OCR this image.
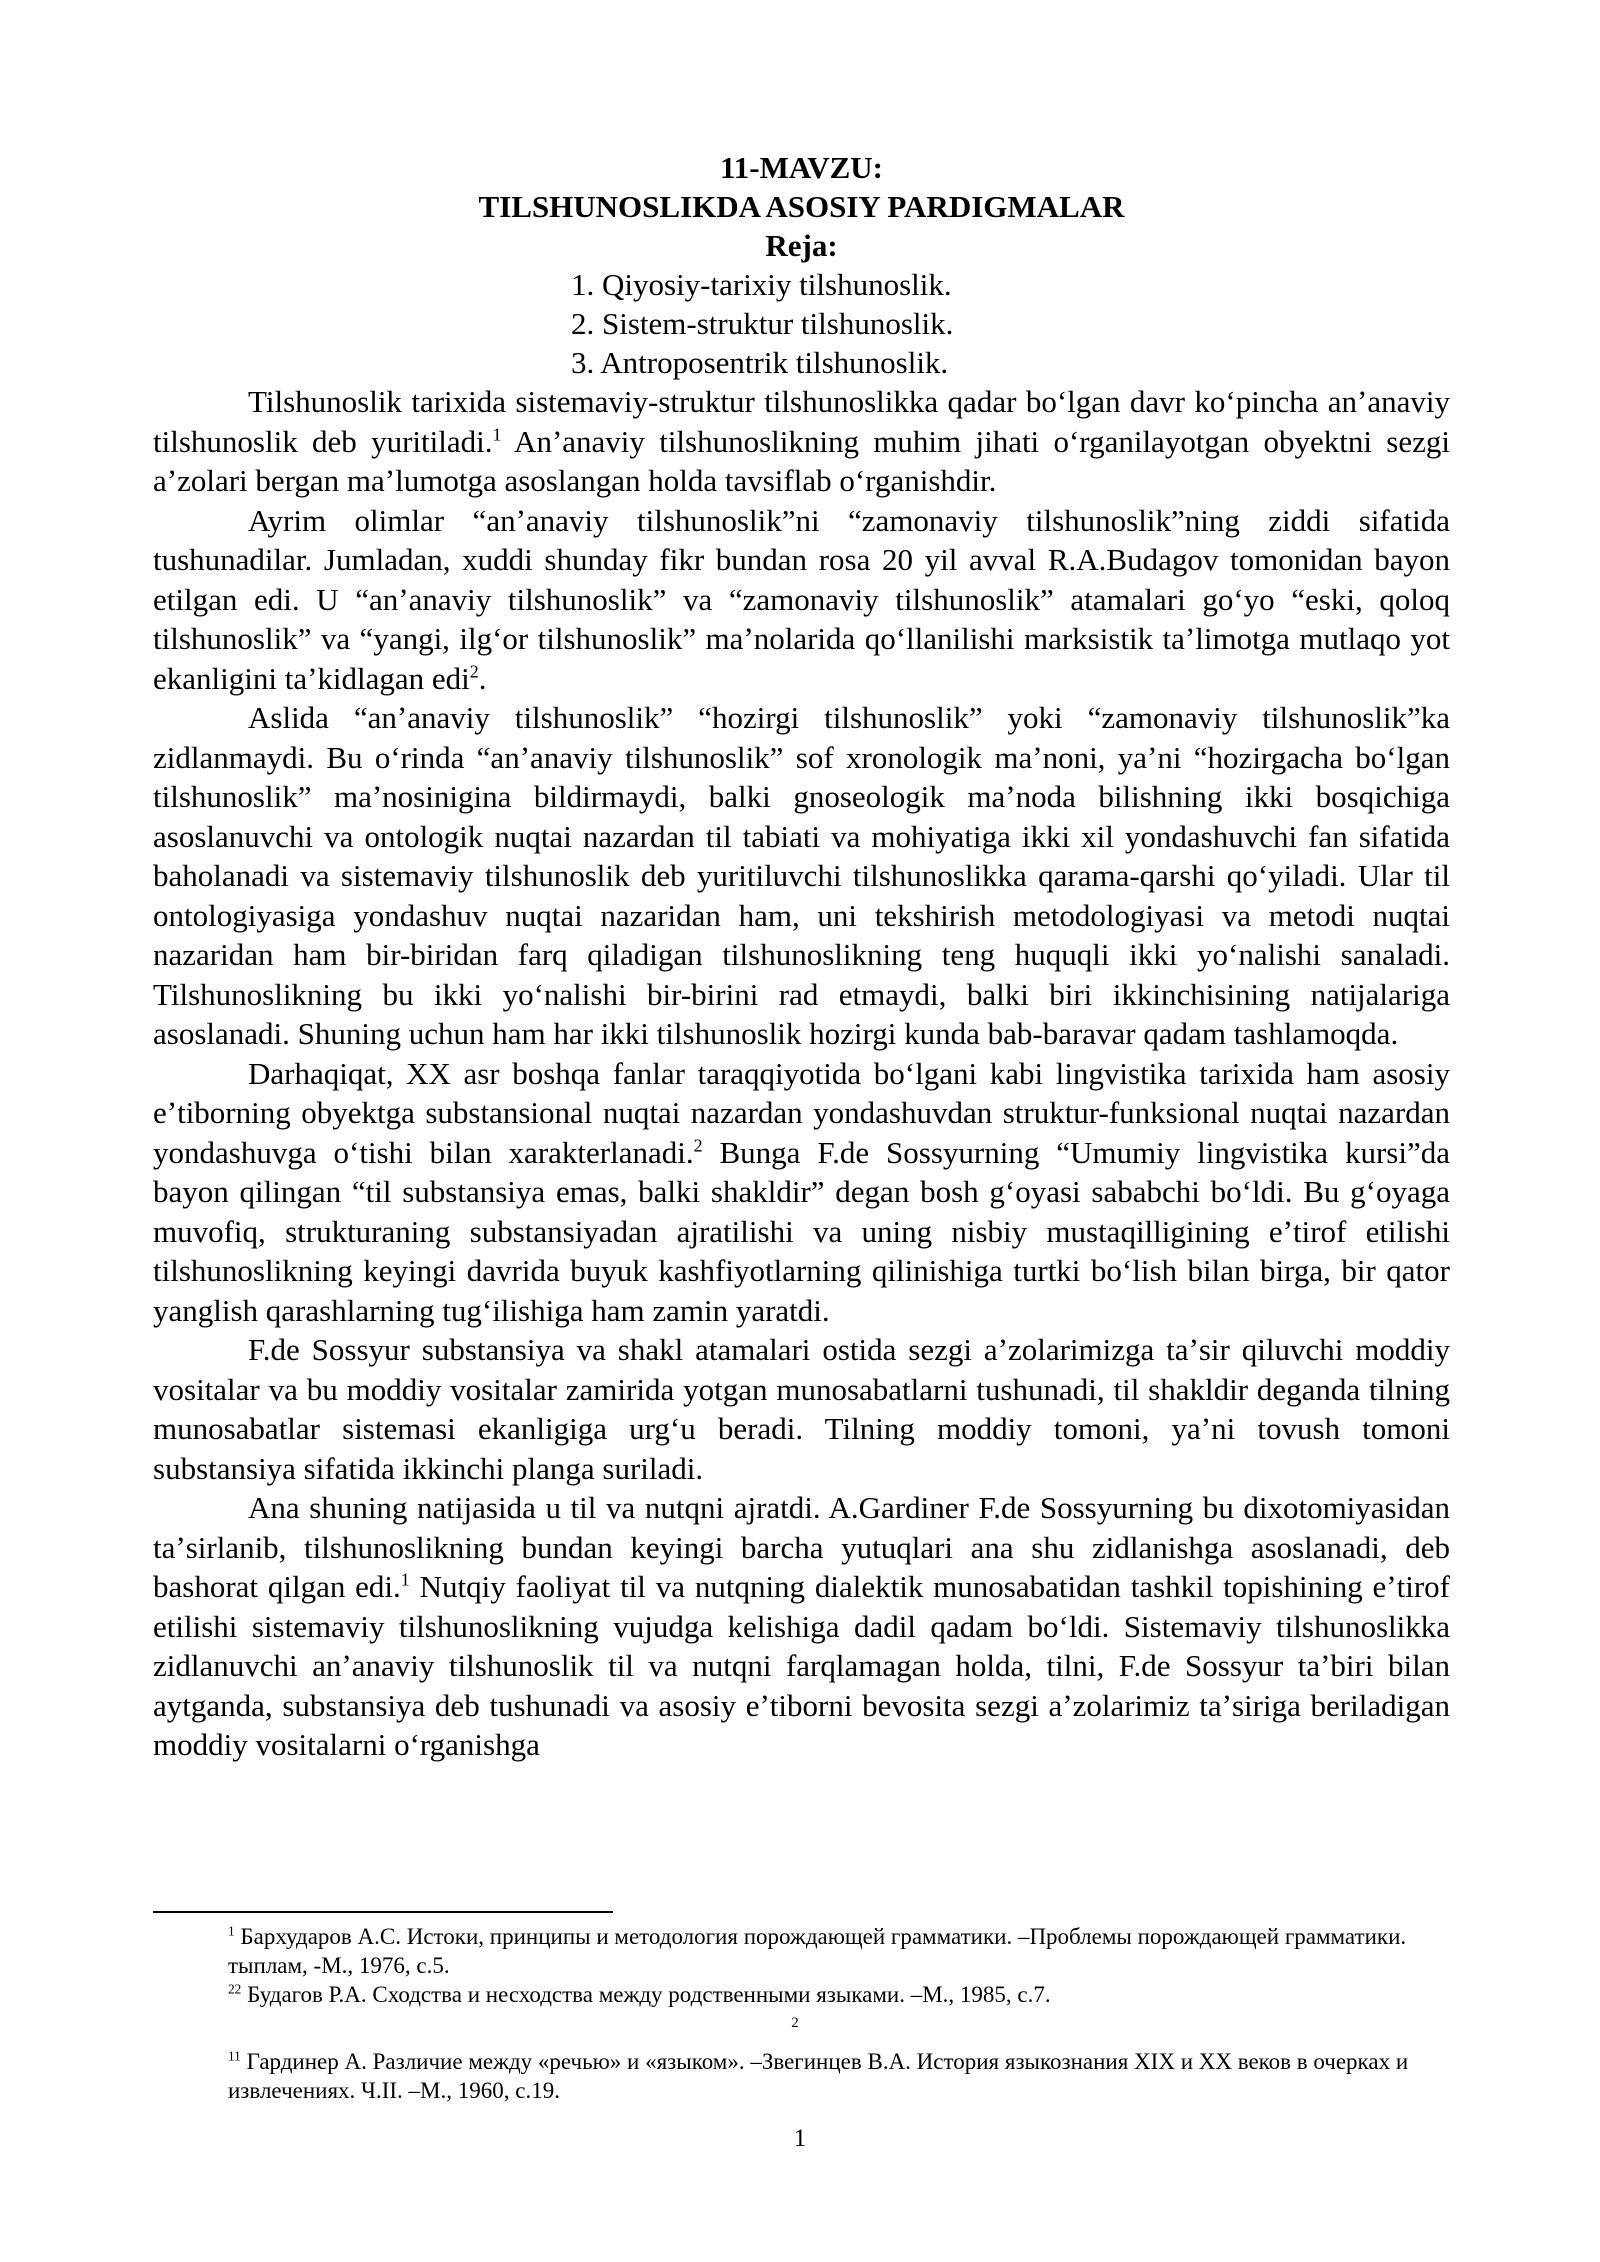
11-MAVZU:
TILSHUNOSLIKDA ASOSIY PARDIGMALAR
Reja:
1. Qiyosiy-tarixiy tilshunoslik.
2. Sistem-struktur tilshunoslik.
3. Antroposentrik tilshunoslik.

Tilshunoslik tarixida sistemaviy-struktur tilshunoslikka qadar boʻlgan davr koʻpincha anʼanaviy tilshunoslik deb yuritiladi.$^1$ Anʼanaviy tilshunoslikning muhim jihati oʻrganilayotgan obyektni sezgi aʼzolari bergan maʼlumotga asoslangan holda tavsiflab oʻrganishdir.

Ayrim olimlar “anʼanaviy tilshunoslik”ni “zamonaviy tilshunoslik”ning ziddi sifatida tushunadilar. Jumladan, xuddi shunday fikr bundan rosa 20 yil avval R.A.Budagov tomonidan bayon etilgan edi. U “anʼanaviy tilshunoslik” va “zamonaviy tilshunoslik” atamalari goʻyo “eski, qoloq tilshunoslik” va “yangi, ilgʻor tilshunoslik” maʼnolarida qoʻllanilishi marksistik taʼlimotga mutlaqo yot ekanligini taʼkidlagan edi$^2$.

Aslida “anʼanaviy tilshunoslik” “hozirgi tilshunoslik” yoki “zamonaviy tilshunoslik”ka zidlanmaydi. Bu oʻrinda “anʼanaviy tilshunoslik” sof xronologik maʼnoni, yaʼni “hozirgacha boʻlgan tilshunoslik” maʼnosinigina bildirmaydi, balki gnoseologik maʼnoda bilishning ikki bosqichiga asoslanuvchi va ontologik nuqtai nazardan til tabiati va mohiyatiga ikki xil yondashuvchi fan sifatida baholanadi va sistemaviy tilshunoslik deb yuritiluvchi tilshunoslikka qarama-qarshi qoʻyiladi. Ular til ontologiyasiga yondashuv nuqtai nazaridan ham, uni tekshirish metodologiyasi va metodi nuqtai nazaridan ham bir-biridan farq qiladigan tilshunoslikning teng huquqli ikki yoʻnalishi sanaladi. Tilshunoslikning bu ikki yoʻnalishi bir-birini rad etmaydi, balki biri ikkinchisining natijalariga asoslanadi. Shuning uchun ham har ikki tilshunoslik hozirgi kunda bab-baravar qadam tashlamoqda.

Darhaqiqat, XX asr boshqa fanlar taraqqiyotida boʻlgani kabi lingvistika tarixida ham asosiy eʼtiborning obyektga substansional nuqtai nazardan yondashuvdan struktur-funksional nuqtai nazardan yondashuvga oʻtishi bilan xarakterlanadi.$^2$ Bunga F.de Sossyurning “Umumiy lingvistika kursi”da bayon qilingan “til substansiya emas, balki shakldir” degan bosh gʻoyasi sababchi boʻldi. Bu gʻoyaga muvofiq, strukturaning substansiyadan ajratilishi va uning nisbiy mustaqilligining eʼtirof etilishi tilshunoslikning keyingi davrida buyuk kashfiyotlarning qilinishiga turtki boʻlish bilan birga, bir qator yanglish qarashlarning tugʻilishiga ham zamin yaratdi.

F.de Sossyur substansiya va shakl atamalari ostida sezgi aʼzolarimizga taʼsir qiluvchi moddiy vositalar va bu moddiy vositalar zamirida yotgan munosabatlarni tushunadi, til shakldir deganda tilning munosabatlar sistemasi ekanligiga urgʻu beradi. Tilning moddiy tomoni, yaʼni tovush tomoni substansiya sifatida ikkinchi planga suriladi.

Ana shuning natijasida u til va nutqni ajratdi. A.Gardiner F.de Sossyurning bu dixotomiyasidan taʼsirlanib, tilshunoslikning bundan keyingi barcha yutuqlari ana shu zidlanishga asoslanadi, deb bashorat qilgan edi.$^1$ Nutqiy faoliyat til va nutqning dialektik munosabatidan tashkil topishining eʼtirof etilishi sistemaviy tilshunoslikning vujudga kelishiga dadil qadam boʻldi. Sistemaviy tilshunoslikka zidlanuvchi anʼanaviy tilshunoslik til va nutqni farqlamagan holda, tilni, F.de Sossyur taʼbiri bilan aytganda, substansiya deb tushunadi va asosiy eʼtiborni bevosita sezgi aʼzolarimiz taʼsiriga beriladigan moddiy vositalarni oʻrganishga

$^1$ Бархударов А.С. Истоки, принципы и методология порождающей грамматики. –Проблемы порождающей грамматики. тыплам, -М., 1976, с.5.

$^{22}$ Будагов Р.А. Сходства и несходства между родственными языками. –М., 1985, с.7.

2

$^{11}$ Гардинер А. Различие между «речью» и «языком». –Звегинцев В.А. История языкознания XIX и XX веков в очерках и извлечениях. Ч.II. –М., 1960, с.19.

1
